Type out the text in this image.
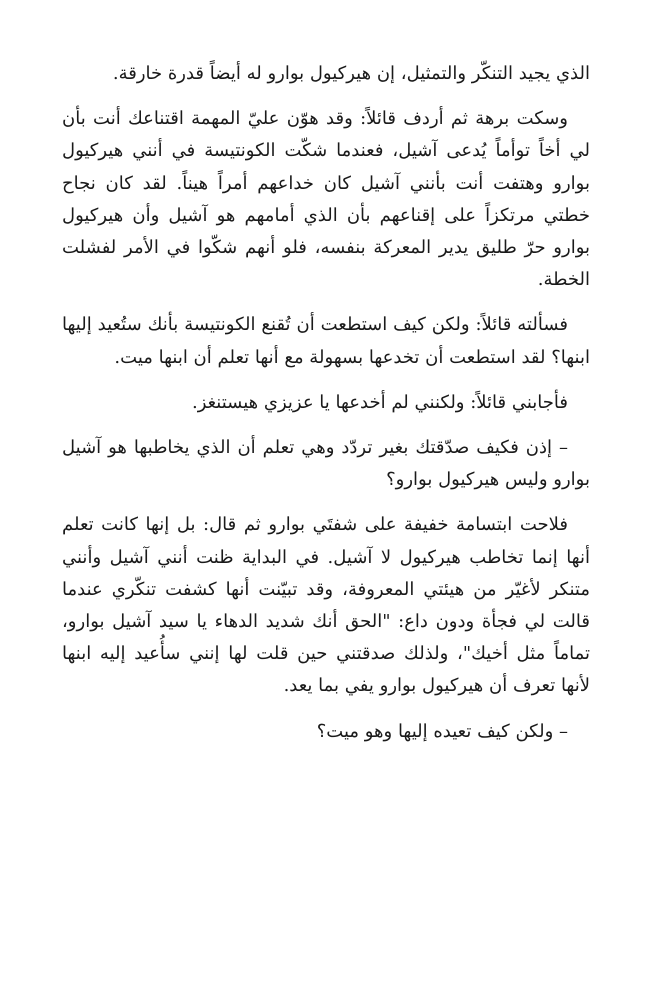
الذي يجيد التنكّر والتمثيل، إن هيركيول بوارو له أيضاً قدرة خارقة.

وسكت برهة ثم أردف قائلاً: وقد هوّن عليّ المهمة اقتناعك أنت بأن لي أخاً توأماً يُدعى آشيل، فعندما شكّت الكونتيسة في أنني هيركيول بوارو وهتفت أنت بأنني آشيل كان خداعهم أمراً هيناً. لقد كان نجاح خطتي مرتكزاً على إقناعهم بأن الذي أمامهم هو آشيل وأن هيركيول بوارو حرّ طليق يدير المعركة بنفسه، فلو أنهم شكّوا في الأمر لفشلت الخطة.

فسألته قائلاً: ولكن كيف استطعت أن تُقنع الكونتيسة بأنك ستُعيد إليها ابنها؟ لقد استطعت أن تخدعها بسهولة مع أنها تعلم أن ابنها ميت.

فأجابني قائلاً: ولكنني لم أخدعها يا عزيزي هيستنغز.

– إذن فكيف صدّقتك بغير تردّد وهي تعلم أن الذي يخاطبها هو آشيل بوارو وليس هيركيول بوارو؟

فلاحت ابتسامة خفيفة على شفتَي بوارو ثم قال: بل إنها كانت تعلم أنها إنما تخاطب هيركيول لا آشيل. في البداية ظنت أنني آشيل وأنني متنكر لأغيّر من هيئتي المعروفة، وقد تبيّنت أنها كشفت تنكّري عندما قالت لي فجأة ودون داع: "الحق أنك شديد الدهاء يا سيد آشيل بوارو، تماماً مثل أخيك"، ولذلك صدقتني حين قلت لها إنني سأُعيد إليه ابنها لأنها تعرف أن هيركيول بوارو يفي بما يعد.

– ولكن كيف تعيده إليها وهو ميت؟
